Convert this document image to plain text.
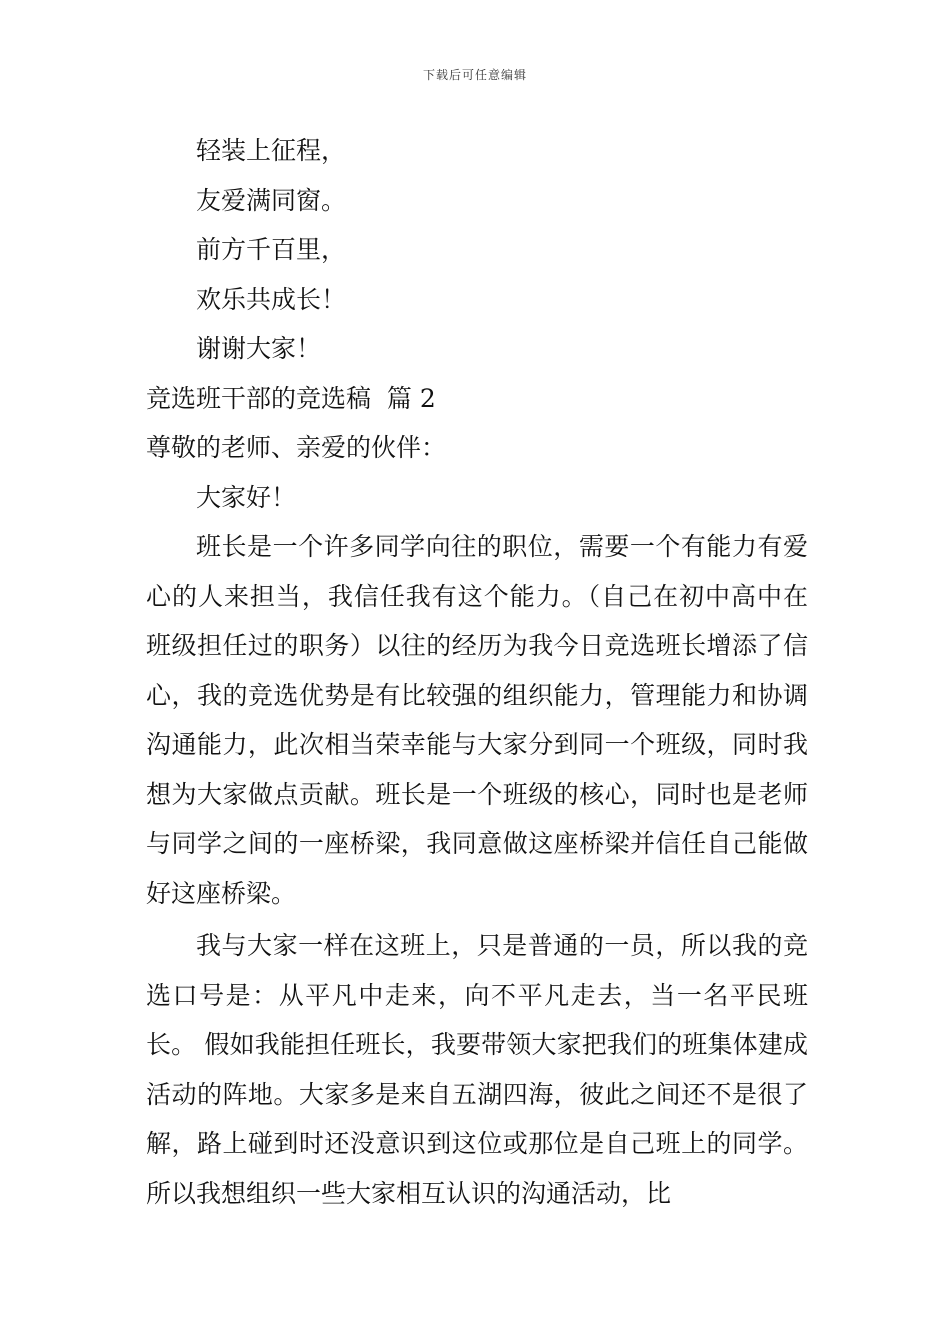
下载后可任意编辑
轻装上征程，
友爱满同窗。
前方千百里，
欢乐共成长！
谢谢大家！
竞选班干部的竞选稿  篇 2
尊敬的老师、亲爱的伙伴：
大家好！
班长是一个许多同学向往的职位，需要一个有能力有爱心的人来担当，我信任我有这个能力。（自己在初中高中在班级担任过的职务）以往的经历为我今日竞选班长增添了信心，我的竞选优势是有比较强的组织能力，管理能力和协调沟通能力，此次相当荣幸能与大家分到同一个班级，同时我想为大家做点贡献。班长是一个班级的核心，同时也是老师与同学之间的一座桥梁，我同意做这座桥梁并信任自己能做好这座桥梁。
我与大家一样在这班上，只是普通的一员，所以我的竞选口号是：从平凡中走来，向不平凡走去，当一名平民班长。 假如我能担任班长，我要带领大家把我们的班集体建成活动的阵地。大家多是来自五湖四海，彼此之间还不是很了解，路上碰到时还没意识到这位或那位是自己班上的同学。所以我想组织一些大家相互认识的沟通活动，比
